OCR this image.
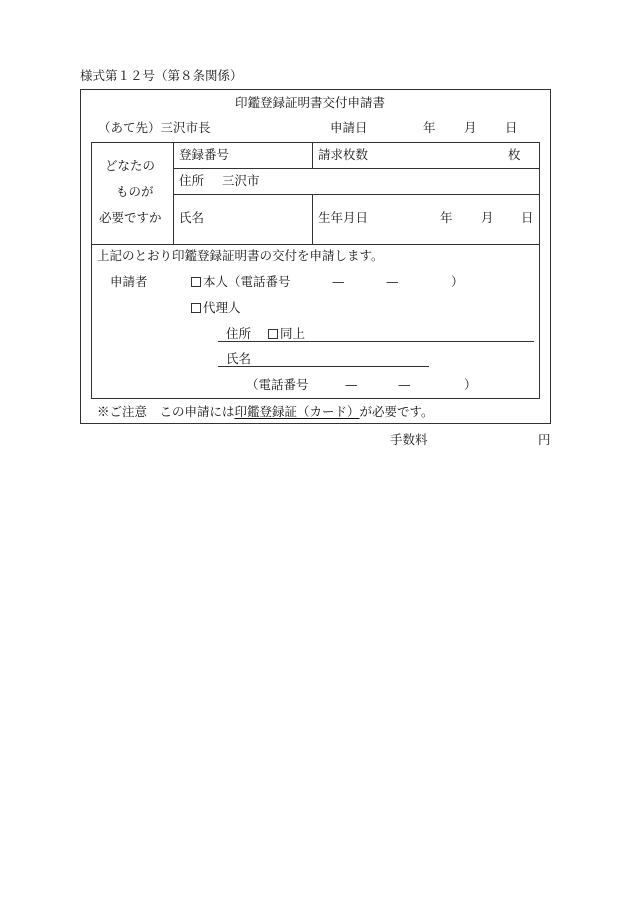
様式第１２号（第８条関係）
印鑑登録証明書交付申請書
（あて先）三沢市長	申請日	年 月 日
どなたの
ものが
必要ですか
登録番号	請求枚数	枚
住所 三沢市
氏名	生年月日	年 月 日
上記のとおり印鑑登録証明書の交付を申請します。
申請者	本人（電話番号	—	—	）
代理人
住所	同上
氏名
（電話番号	—	—	）
※ご注意　この申請には印鑑登録証（カード）が必要です。
手数料	円
